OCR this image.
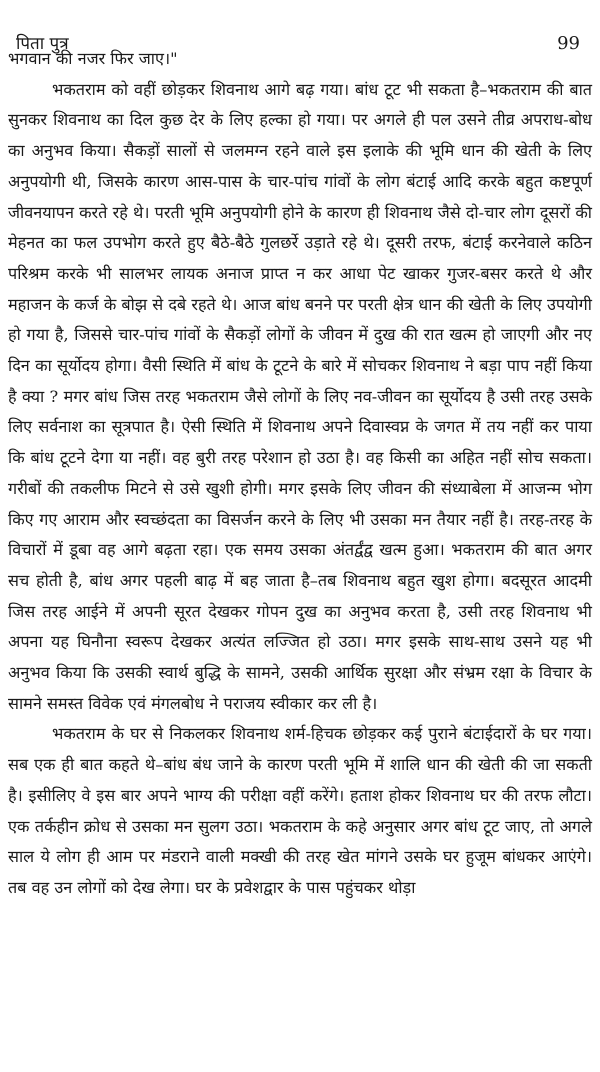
पिता पुत्र	99

भगवान की नजर फिर जाए।"

भकतराम को वहीं छोड़कर शिवनाथ आगे बढ़ गया। बांध टूट भी सकता है–भकतराम की बात सुनकर शिवनाथ का दिल कुछ देर के लिए हल्का हो गया। पर अगले ही पल उसने तीव्र अपराध-बोध का अनुभव किया। सैकड़ों सालों से जलमग्न रहने वाले इस इलाके की भूमि धान की खेती के लिए अनुपयोगी थी, जिसके कारण आस-पास के चार-पांच गांवों के लोग बंटाई आदि करके बहुत कष्टपूर्ण जीवनयापन करते रहे थे। परती भूमि अनुपयोगी होने के कारण ही शिवनाथ जैसे दो-चार लोग दूसरों की मेहनत का फल उपभोग करते हुए बैठे-बैठे गुलछर्रे उड़ाते रहे थे। दूसरी तरफ, बंटाई करनेवाले कठिन परिश्रम करके भी सालभर लायक अनाज प्राप्त न कर आधा पेट खाकर गुजर-बसर करते थे और महाजन के कर्ज के बोझ से दबे रहते थे। आज बांध बनने पर परती क्षेत्र धान की खेती के लिए उपयोगी हो गया है, जिससे चार-पांच गांवों के सैकड़ों लोगों के जीवन में दुख की रात खत्म हो जाएगी और नए दिन का सूर्योदय होगा। वैसी स्थिति में बांध के टूटने के बारे में सोचकर शिवनाथ ने बड़ा पाप नहीं किया है क्या ? मगर बांध जिस तरह भकतराम जैसे लोगों के लिए नव-जीवन का सूर्योदय है उसी तरह उसके लिए सर्वनाश का सूत्रपात है। ऐसी स्थिति में शिवनाथ अपने दिवास्वप्न के जगत में तय नहीं कर पाया कि बांध टूटने देगा या नहीं। वह बुरी तरह परेशान हो उठा है। वह किसी का अहित नहीं सोच सकता। गरीबों की तकलीफ मिटने से उसे खुशी होगी। मगर इसके लिए जीवन की संध्याबेला में आजन्म भोग किए गए आराम और स्वच्छंदता का विसर्जन करने के लिए भी उसका मन तैयार नहीं है। तरह-तरह के विचारों में डूबा वह आगे बढ़ता रहा। एक समय उसका अंतर्द्वंद्व खत्म हुआ। भकतराम की बात अगर सच होती है, बांध अगर पहली बाढ़ में बह जाता है–तब शिवनाथ बहुत खुश होगा। बदसूरत आदमी जिस तरह आईने में अपनी सूरत देखकर गोपन दुख का अनुभव करता है, उसी तरह शिवनाथ भी अपना यह घिनौना स्वरूप देखकर अत्यंत लज्जित हो उठा। मगर इसके साथ-साथ उसने यह भी अनुभव किया कि उसकी स्वार्थ बुद्धि के सामने, उसकी आर्थिक सुरक्षा और संभ्रम रक्षा के विचार के सामने समस्त विवेक एवं मंगलबोध ने पराजय स्वीकार कर ली है।

भकतराम के घर से निकलकर शिवनाथ शर्म-हिचक छोड़कर कई पुराने बंटाईदारों के घर गया। सब एक ही बात कहते थे–बांध बंध जाने के कारण परती भूमि में शालि धान की खेती की जा सकती है। इसीलिए वे इस बार अपने भाग्य की परीक्षा वहीं करेंगे। हताश होकर शिवनाथ घर की तरफ लौटा। एक तर्कहीन क्रोध से उसका मन सुलग उठा। भकतराम के कहे अनुसार अगर बांध टूट जाए, तो अगले साल ये लोग ही आम पर मंडराने वाली मक्खी की तरह खेत मांगने उसके घर हुजूम बांधकर आएंगे। तब वह उन लोगों को देख लेगा। घर के प्रवेशद्वार के पास पहुंचकर थोड़ा
